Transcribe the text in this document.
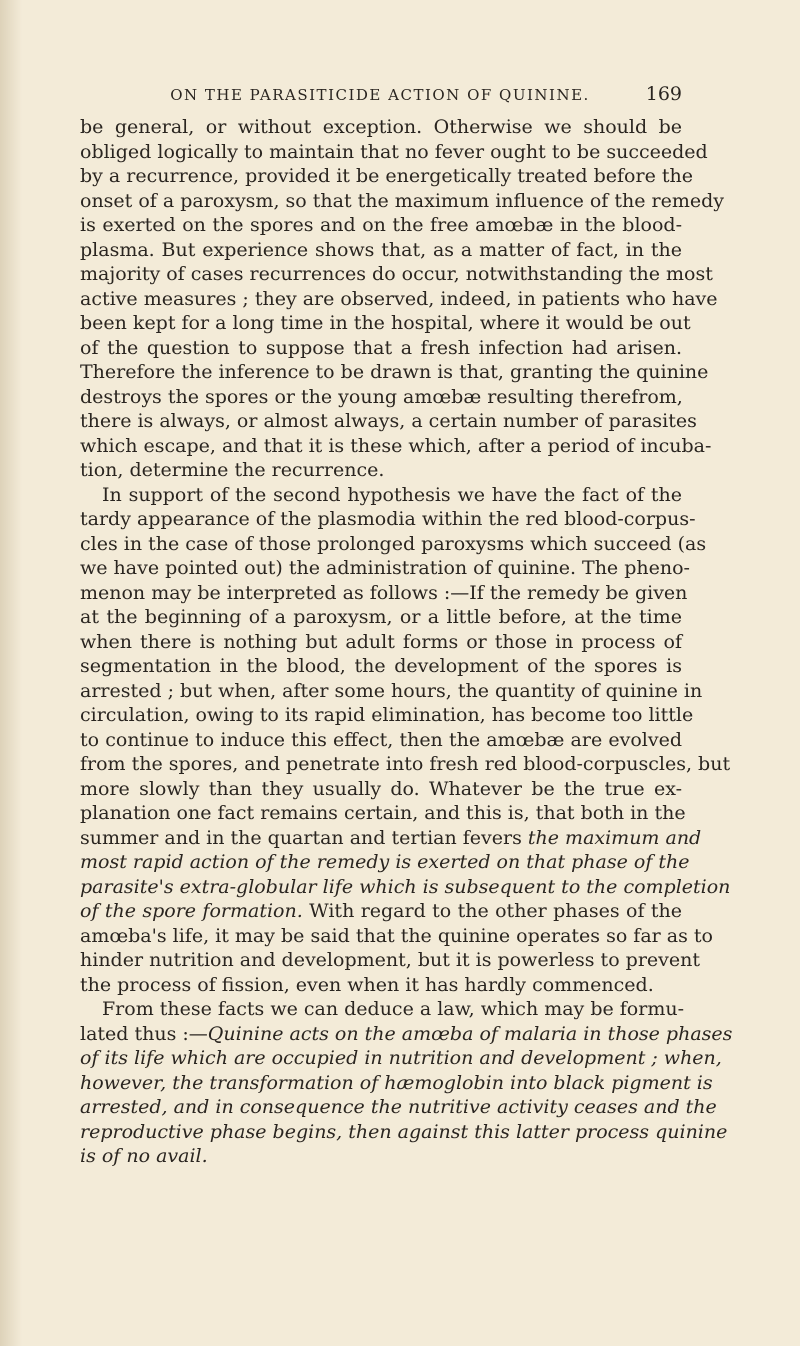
ON THE PARASITICIDE ACTION OF QUININE.	169
be general, or without exception. Otherwise we should be
obliged logically to maintain that no fever ought to be succeeded
by a recurrence, provided it be energetically treated before the
onset of a paroxysm, so that the maximum influence of the remedy
is exerted on the spores and on the free amœbæ in the blood-
plasma. But experience shows that, as a matter of fact, in the
majority of cases recurrences do occur, notwithstanding the most
active measures ; they are observed, indeed, in patients who have
been kept for a long time in the hospital, where it would be out
of the question to suppose that a fresh infection had arisen.
Therefore the inference to be drawn is that, granting the quinine
destroys the spores or the young amœbæ resulting therefrom,
there is always, or almost always, a certain number of parasites
which escape, and that it is these which, after a period of incuba-
tion, determine the recurrence.
In support of the second hypothesis we have the fact of the
tardy appearance of the plasmodia within the red blood-corpus-
cles in the case of those prolonged paroxysms which succeed (as
we have pointed out) the administration of quinine. The pheno-
menon may be interpreted as follows :—If the remedy be given
at the beginning of a paroxysm, or a little before, at the time
when there is nothing but adult forms or those in process of
segmentation in the blood, the development of the spores is
arrested ; but when, after some hours, the quantity of quinine in
circulation, owing to its rapid elimination, has become too little
to continue to induce this effect, then the amœbæ are evolved
from the spores, and penetrate into fresh red blood-corpuscles, but
more slowly than they usually do. Whatever be the true ex-
planation one fact remains certain, and this is, that both in the
summer and in the quartan and tertian fevers the maximum and
most rapid action of the remedy is exerted on that phase of the
parasite's extra-globular life which is subsequent to the completion
of the spore formation. With regard to the other phases of the
amœba's life, it may be said that the quinine operates so far as to
hinder nutrition and development, but it is powerless to prevent
the process of fission, even when it has hardly commenced.
From these facts we can deduce a law, which may be formu-
lated thus :—Quinine acts on the amœba of malaria in those phases
of its life which are occupied in nutrition and development ; when,
however, the transformation of hæmoglobin into black pigment is
arrested, and in consequence the nutritive activity ceases and the
reproductive phase begins, then against this latter process quinine
is of no avail.
